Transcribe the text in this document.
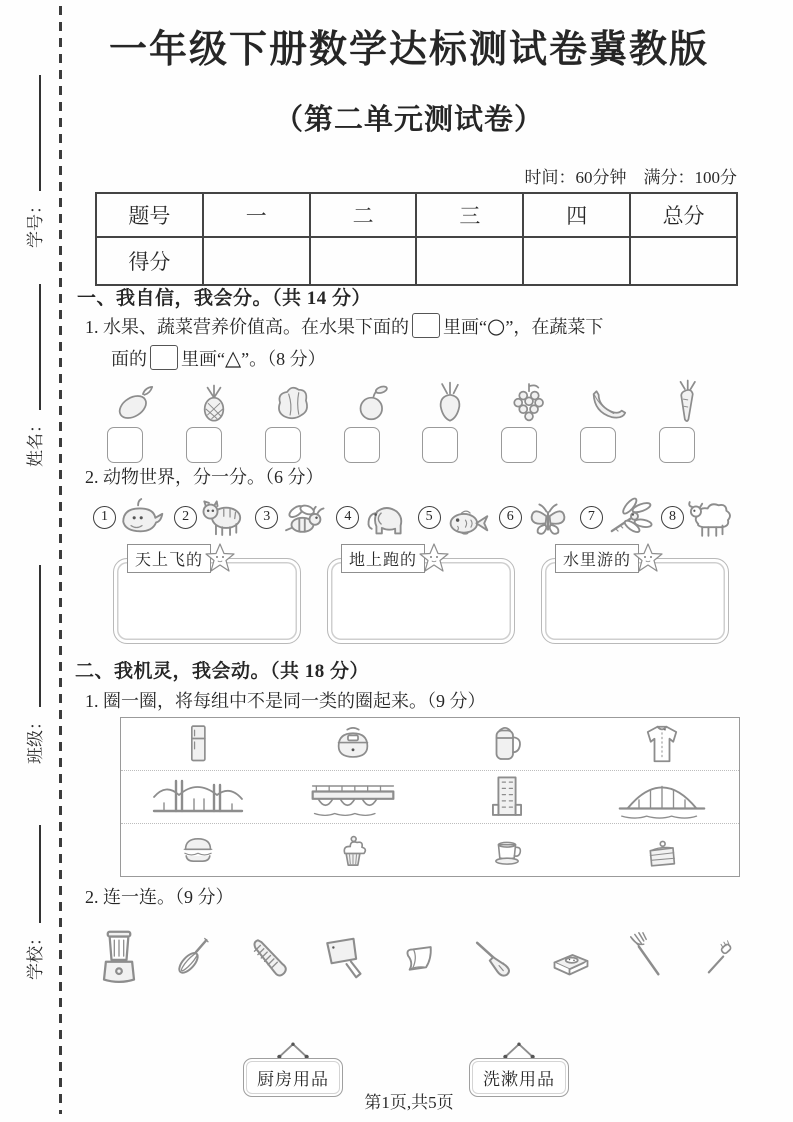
学号：
姓名：
班级：
学校：
一年级下册数学达标测试卷冀教版
（第二单元测试卷）
时间：60分钟　满分：100分
题号	一	二	三	四	总分
得分					
一、我自信，我会分。（共 14 分）
1. 水果、蔬菜营养价值高。在水果下面的 里画“○”，在蔬菜下
面的 里画“△”。（8 分）
2. 动物世界，分一分。（6 分）
1	2	3	4	5	6	7	8
天上飞的	地上跑的	水里游的
二、我机灵，我会动。（共 18 分）
1. 圈一圈，将每组中不是同一类的圈起来。（9 分）
2. 连一连。（9 分）
厨房用品	洗漱用品
第1页,共5页
